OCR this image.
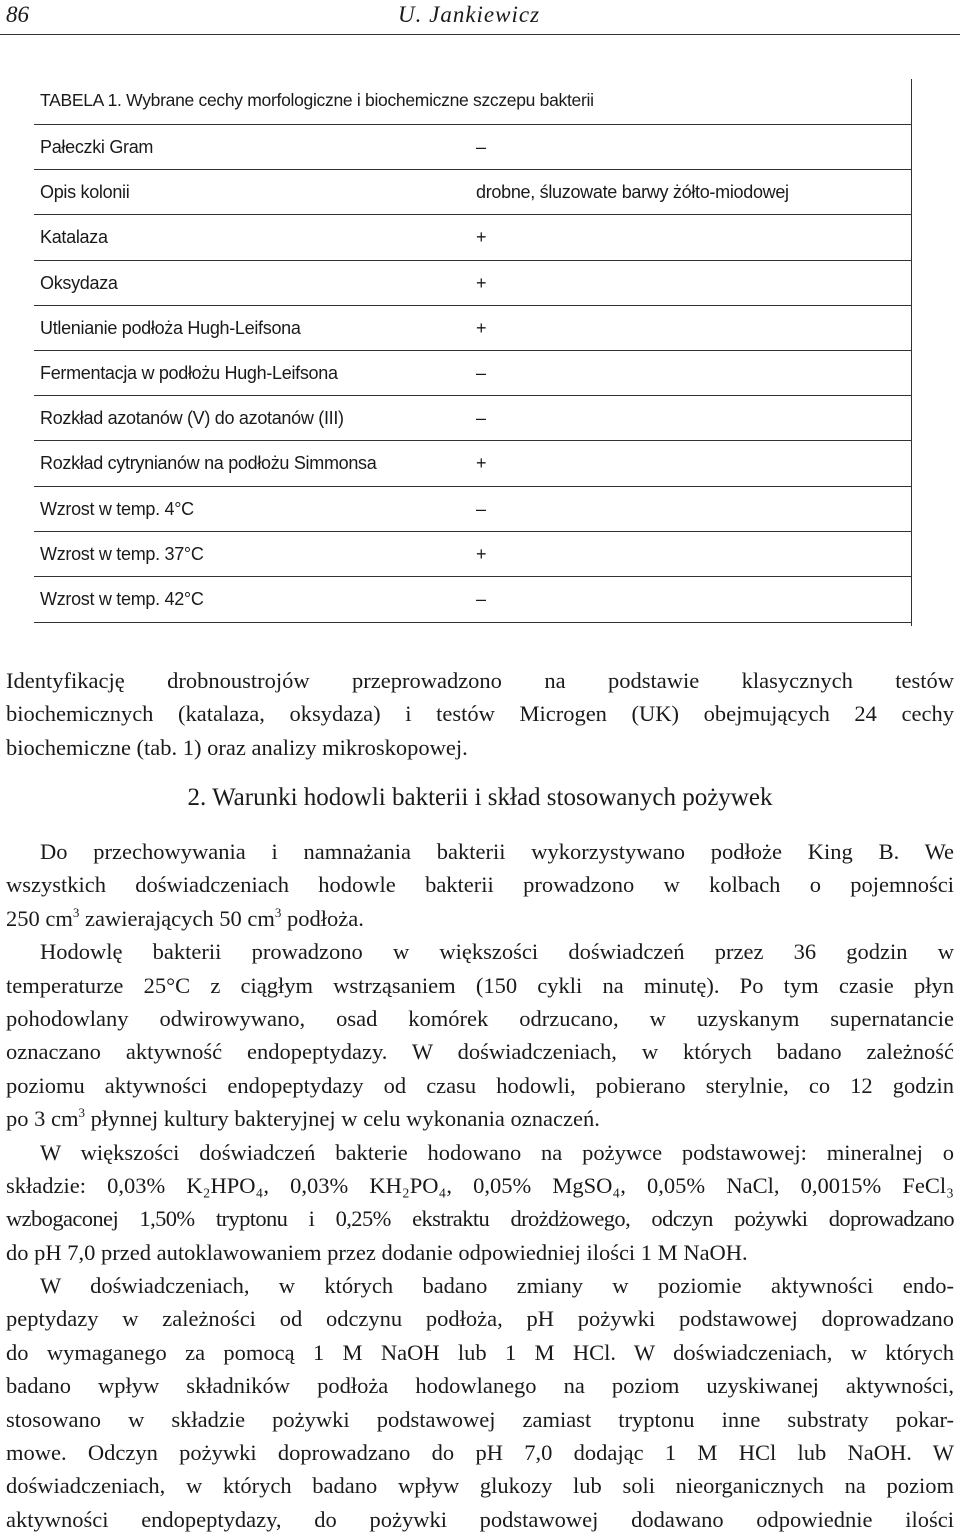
86	U. Jankiewicz
TABELA 1. Wybrane cechy morfologiczne i biochemiczne szczepu bakterii
Pałeczki Gram	–
Opis kolonii	drobne, śluzowate barwy żółto-miodowej
Katalaza	+
Oksydaza	+
Utlenianie podłoża Hugh-Leifsona	+
Fermentacja w podłożu Hugh-Leifsona	–
Rozkład azotanów (V) do azotanów (III)	–
Rozkład cytrynianów na podłożu Simmonsa	+
Wzrost w temp. 4°C	–
Wzrost w temp. 37°C	+
Wzrost w temp. 42°C	–
Identyfikację drobnoustrojów przeprowadzono na podstawie klasycznych testów
biochemicznych (katalaza, oksydaza) i testów Microgen (UK) obejmujących 24 cechy
biochemiczne (tab. 1) oraz analizy mikroskopowej.
2. Warunki hodowli bakterii i skład stosowanych pożywek
Do przechowywania i namnażania bakterii wykorzystywano podłoże King B. We
wszystkich doświadczeniach hodowle bakterii prowadzono w kolbach o pojemności
250 $cm^3$ zawierających 50 $cm^3$ podłoża.
Hodowlę bakterii prowadzono w większości doświadczeń przez 36 godzin w
temperaturze 25°C z ciągłym wstrząsaniem (150 cykli na minutę). Po tym czasie płyn
pohodowlany odwirowywano, osad komórek odrzucano, w uzyskanym supernatancie
oznaczano aktywność endopeptydazy. W doświadczeniach, w których badano zależność
poziomu aktywności endopeptydazy od czasu hodowli, pobierano sterylnie, co 12 godzin
po 3 $cm^3$ płynnej kultury bakteryjnej w celu wykonania oznaczeń.
W większości doświadczeń bakterie hodowano na pożywce podstawowej: mineralnej o
składzie: 0,03% K₂HPO₄, 0,03% KH₂PO₄, 0,05% MgSO₄, 0,05% NaCl, 0,0015% FeCl₃
wzbogaconej 1,50% tryptonu i 0,25% ekstraktu drożdżowego, odczyn pożywki doprowadzano
do pH 7,0 przed autoklawowaniem przez dodanie odpowiedniej ilości 1 M NaOH.
W doświadczeniach, w których badano zmiany w poziomie aktywności endo-
peptydazy w zależności od odczynu podłoża, pH pożywki podstawowej doprowadzano
do wymaganego za pomocą 1 M NaOH lub 1 M HCl. W doświadczeniach, w których
badano wpływ składników podłoża hodowlanego na poziom uzyskiwanej aktywności,
stosowano w składzie pożywki podstawowej zamiast tryptonu inne substraty pokar-
mowe. Odczyn pożywki doprowadzano do pH 7,0 dodając 1 M HCl lub NaOH. W
doświadczeniach, w których badano wpływ glukozy lub soli nieorganicznych na poziom
aktywności endopeptydazy, do pożywki podstawowej dodawano odpowiednie ilości
